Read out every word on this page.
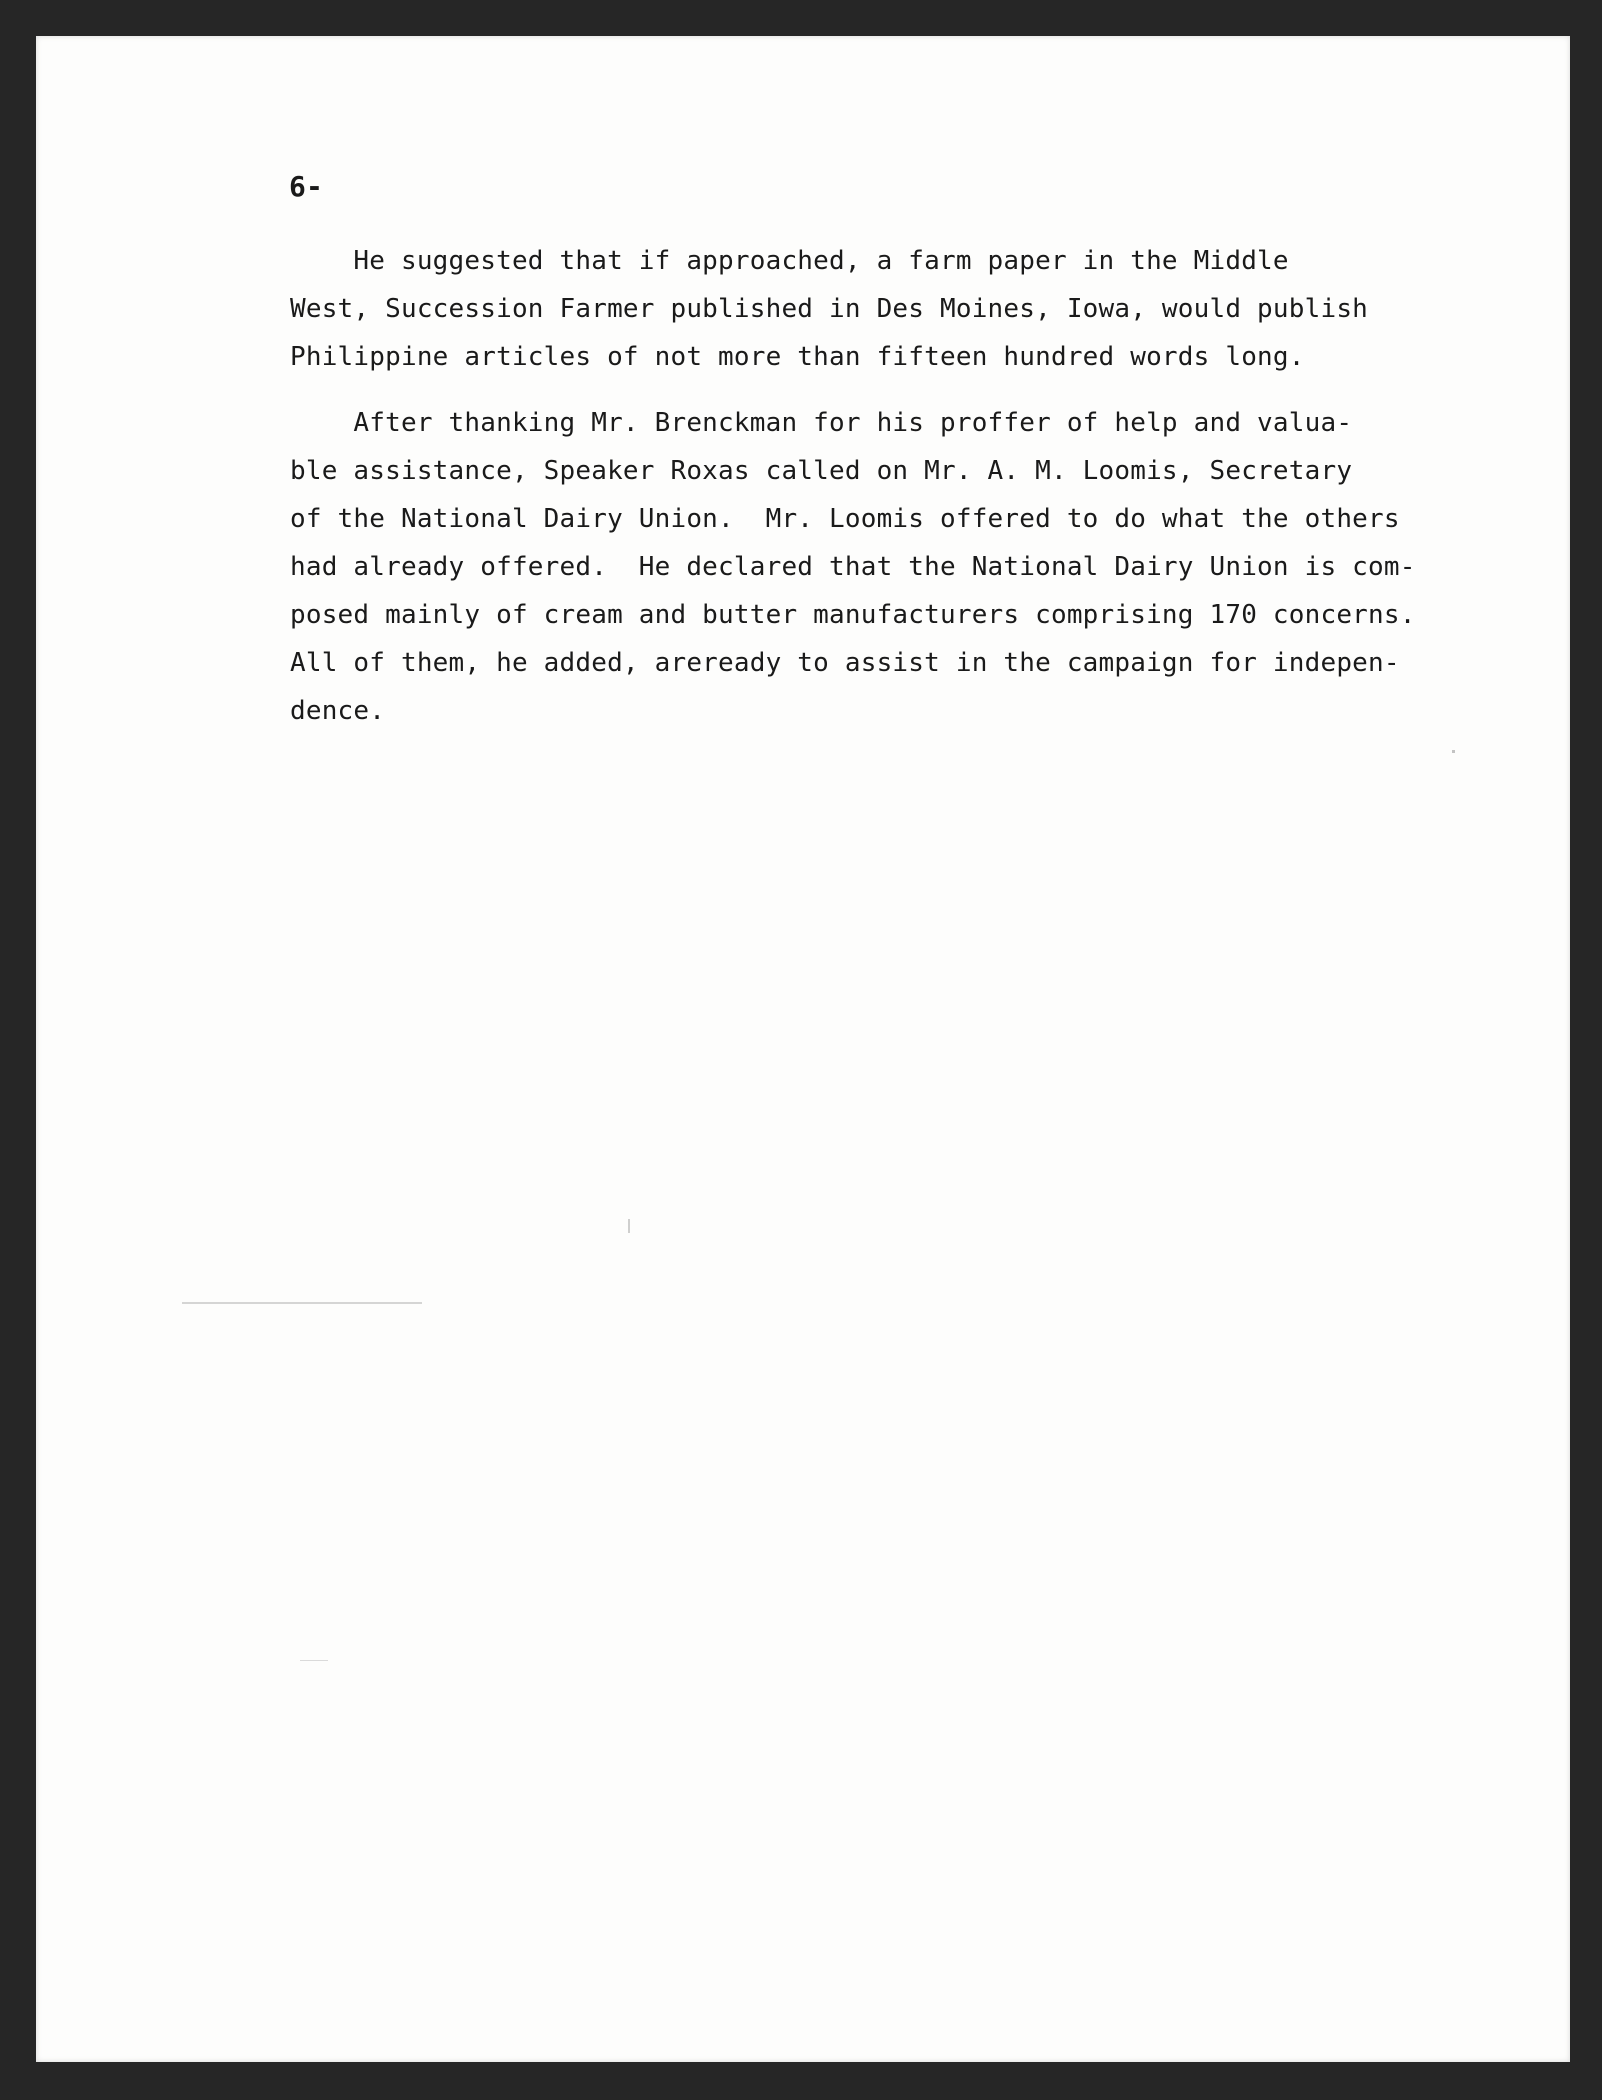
6-
He suggested that if approached, a farm paper in the Middle
West, Succession Farmer published in Des Moines, Iowa, would publish
Philippine articles of not more than fifteen hundred words long.
After thanking Mr. Brenckman for his proffer of help and valua-
ble assistance, Speaker Roxas called on Mr. A. M. Loomis, Secretary
of the National Dairy Union.  Mr. Loomis offered to do what the others
had already offered.  He declared that the National Dairy Union is com-
posed mainly of cream and butter manufacturers comprising 170 concerns.
All of them, he added, areready to assist in the campaign for indepen-
dence.
